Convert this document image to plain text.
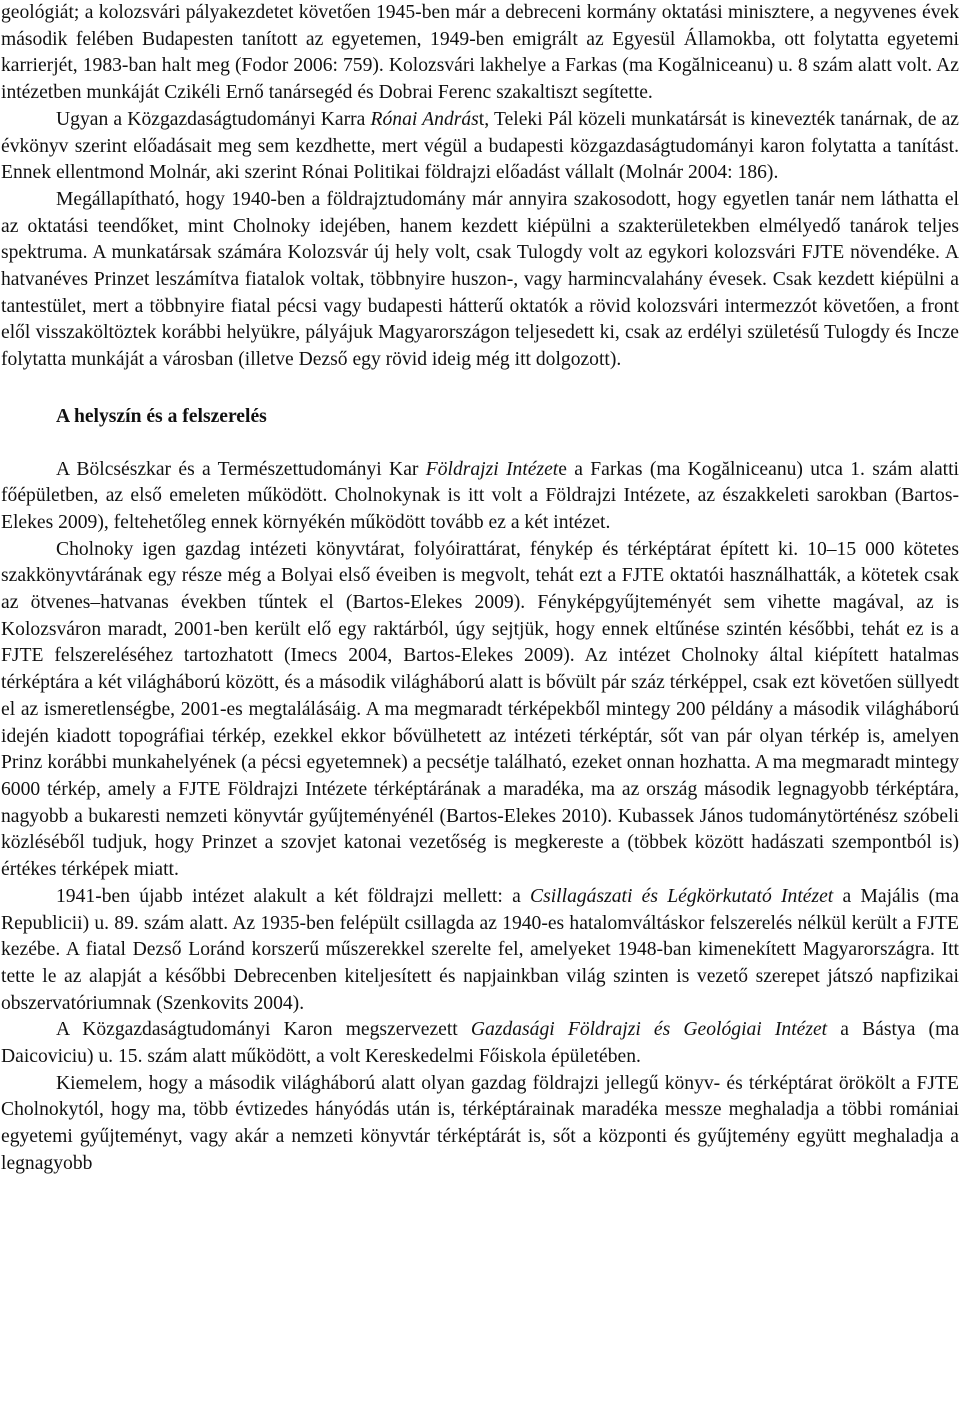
geológiát; a kolozsvári pályakezdetet követően 1945-ben már a debreceni kormány oktatási minisztere, a negyvenes évek második felében Budapesten tanított az egyetemen, 1949-ben emigrált az Egyesül Államokba, ott folytatta egyetemi karrierjét, 1983-ban halt meg (Fodor 2006: 759). Kolozsvári lakhelye a Farkas (ma Kogălniceanu) u. 8 szám alatt volt. Az intézetben munkáját Czikéli Ernő tanársegéd és Dobrai Ferenc szakaltiszt segítette.

Ugyan a Közgazdaságtudományi Karra Rónai Andrást, Teleki Pál közeli munkatársát is kinevezték tanárnak, de az évkönyv szerint előadásait meg sem kezdhette, mert végül a budapesti közgazdaságtudományi karon folytatta a tanítást. Ennek ellentmond Molnár, aki szerint Rónai Politikai földrajzi előadást vállalt (Molnár 2004: 186).

Megállapítható, hogy 1940-ben a földrajztudomány már annyira szakosodott, hogy egyetlen tanár nem láthatta el az oktatási teendőket, mint Cholnoky idejében, hanem kezdett kiépülni a szakterületekben elmélyedő tanárok teljes spektruma. A munkatársak számára Kolozsvár új hely volt, csak Tulogdy volt az egykori kolozsvári FJTE növendéke. A hatvanéves Prinzet leszámítva fiatalok voltak, többnyire huszon-, vagy harmincvalahány évesek. Csak kezdett kiépülni a tantestület, mert a többnyire fiatal pécsi vagy budapesti hátterű oktatók a rövid kolozsvári intermezzót követően, a front elől visszaköltöztek korábbi helyükre, pályájuk Magyarországon teljesedett ki, csak az erdélyi születésű Tulogdy és Incze folytatta munkáját a városban (illetve Dezső egy rövid ideig még itt dolgozott).

A helyszín és a felszerelés

A Bölcsészkar és a Természettudományi Kar Földrajzi Intézete a Farkas (ma Kogălniceanu) utca 1. szám alatti főépületben, az első emeleten működött. Cholnokynak is itt volt a Földrajzi Intézete, az északkeleti sarokban (Bartos-Elekes 2009), feltehetőleg ennek környékén működött tovább ez a két intézet.

Cholnoky igen gazdag intézeti könyvtárat, folyóirattárat, fénykép és térképtárat épített ki. 10–15 000 kötetes szakkönyvtárának egy része még a Bolyai első éveiben is megvolt, tehát ezt a FJTE oktatói használhatták, a kötetek csak az ötvenes–hatvanas években tűntek el (Bartos-Elekes 2009). Fényképgyűjteményét sem vihette magával, az is Kolozsváron maradt, 2001-ben került elő egy raktárból, úgy sejtjük, hogy ennek eltűnése szintén későbbi, tehát ez is a FJTE felszereléséhez tartozhatott (Imecs 2004, Bartos-Elekes 2009). Az intézet Cholnoky által kiépített hatalmas térképtára a két világháború között, és a második világháború alatt is bővült pár száz térképpel, csak ezt követően süllyedt el az ismeretlenségbe, 2001-es megtalálásáig. A ma megmaradt térképekből mintegy 200 példány a második világháború idején kiadott topográfiai térkép, ezekkel ekkor bővülhetett az intézeti térképtár, sőt van pár olyan térkép is, amelyen Prinz korábbi munkahelyének (a pécsi egyetemnek) a pecsétje található, ezeket onnan hozhatta. A ma megmaradt mintegy 6000 térkép, amely a FJTE Földrajzi Intézete térképtárának a maradéka, ma az ország második legnagyobb térképtára, nagyobb a bukaresti nemzeti könyvtár gyűjteményénél (Bartos-Elekes 2010). Kubassek János tudománytörténész szóbeli közléséből tudjuk, hogy Prinzet a szovjet katonai vezetőség is megkereste a (többek között hadászati szempontból is) értékes térképek miatt.

1941-ben újabb intézet alakult a két földrajzi mellett: a Csillagászati és Légkörkutató Intézet a Majális (ma Republicii) u. 89. szám alatt. Az 1935-ben felépült csillagda az 1940-es hatalomváltáskor felszerelés nélkül került a FJTE kezébe. A fiatal Dezső Loránd korszerű műszerekkel szerelte fel, amelyeket 1948-ban kimenekített Magyarországra. Itt tette le az alapját a későbbi Debrecenben kiteljesített és napjainkban világ szinten is vezető szerepet játszó napfizikai obszervatóriumnak (Szenkovits 2004).

A Közgazdaságtudományi Karon megszervezett Gazdasági Földrajzi és Geológiai Intézet a Bástya (ma Daicoviciu) u. 15. szám alatt működött, a volt Kereskedelmi Főiskola épületében.

Kiemelem, hogy a második világháború alatt olyan gazdag földrajzi jellegű könyv- és térképtárat örökölt a FJTE Cholnokytól, hogy ma, több évtizedes hányódás után is, térképtárainak maradéka messze meghaladja a többi romániai egyetemi gyűjteményt, vagy akár a nemzeti könyvtár térképtárát is, sőt a központi és gyűjtemény együtt meghaladja a legnagyobb
